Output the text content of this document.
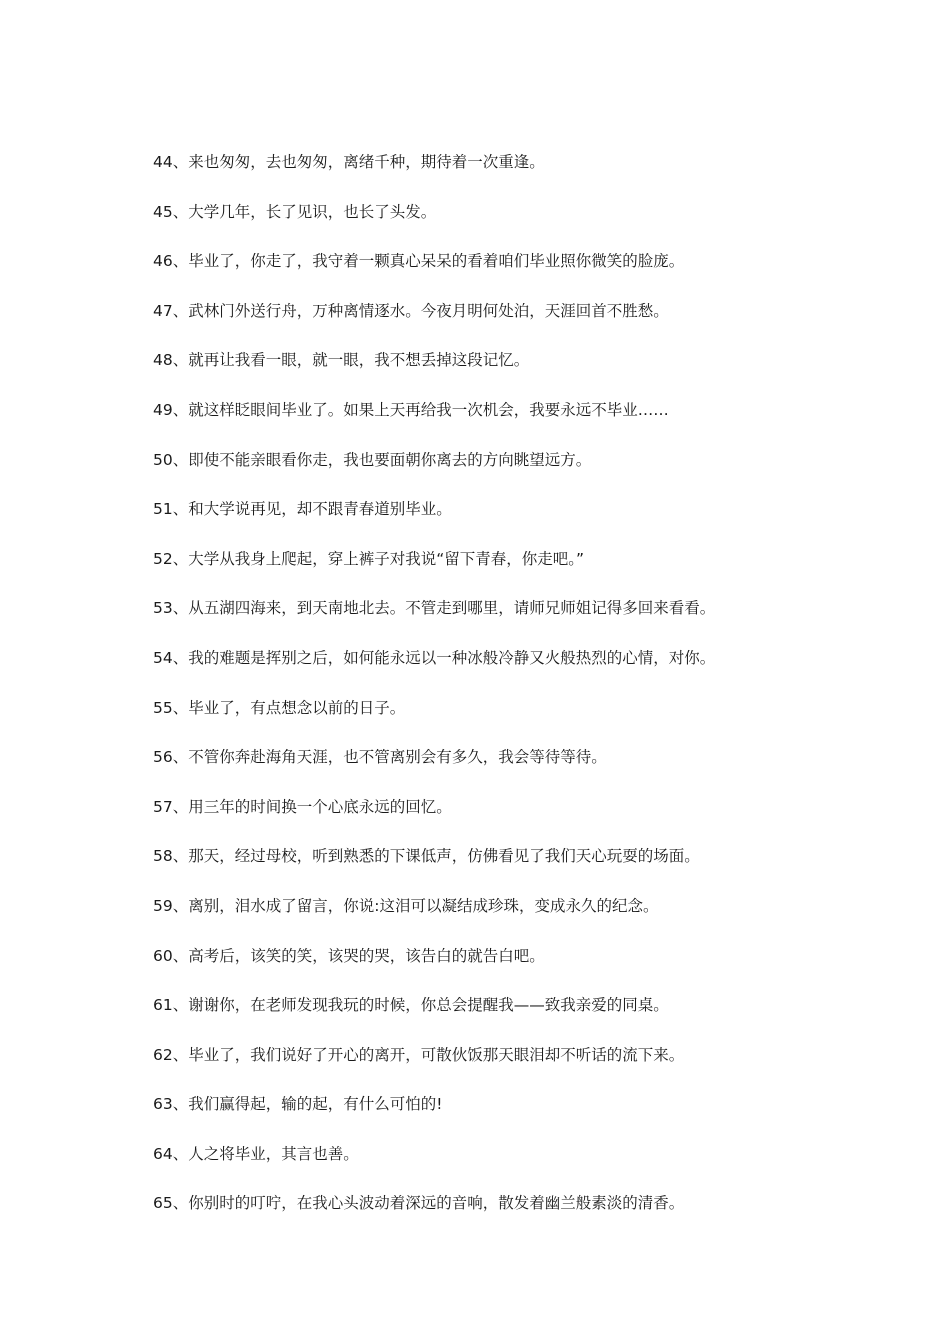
44、来也匆匆，去也匆匆，离绪千种，期待着一次重逢。
45、大学几年，长了见识，也长了头发。
46、毕业了，你走了，我守着一颗真心呆呆的看着咱们毕业照你微笑的脸庞。
47、武林门外送行舟，万种离情逐水。今夜月明何处泊，天涯回首不胜愁。
48、就再让我看一眼，就一眼，我不想丢掉这段记忆。
49、就这样眨眼间毕业了。如果上天再给我一次机会，我要永远不毕业……
50、即使不能亲眼看你走，我也要面朝你离去的方向眺望远方。
51、和大学说再见，却不跟青春道别毕业。
52、大学从我身上爬起，穿上裤子对我说“留下青春，你走吧。”
53、从五湖四海来，到天南地北去。不管走到哪里，请师兄师姐记得多回来看看。
54、我的难题是挥别之后，如何能永远以一种冰般冷静又火般热烈的心情，对你。
55、毕业了，有点想念以前的日子。
56、不管你奔赴海角天涯，也不管离别会有多久，我会等待等待。
57、用三年的时间换一个心底永远的回忆。
58、那天，经过母校，听到熟悉的下课低声，仿佛看见了我们天心玩耍的场面。
59、离别，泪水成了留言，你说:这泪可以凝结成珍珠，变成永久的纪念。
60、高考后，该笑的笑，该哭的哭，该告白的就告白吧。
61、谢谢你，在老师发现我玩的时候，你总会提醒我——致我亲爱的同桌。
62、毕业了，我们说好了开心的离开，可散伙饭那天眼泪却不听话的流下来。
63、我们赢得起，输的起，有什么可怕的!
64、人之将毕业，其言也善。
65、你别时的叮咛，在我心头波动着深远的音响，散发着幽兰般素淡的清香。
